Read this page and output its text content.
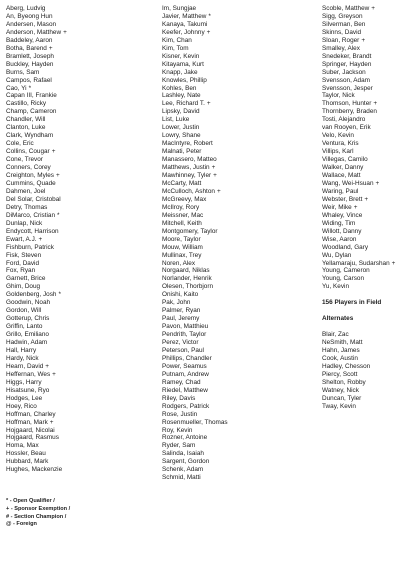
Aberg, Ludvig
An, Byeong Hun
Andersen, Mason
Anderson, Matthew +
Baddeley, Aaron
Botha, Barend +
Bramlett, Joseph
Buckley, Hayden
Burns, Sam
Campos, Rafael
Cao, Yi *
Capan III, Frankie
Castillo, Ricky
Champ, Cameron
Chandler, Will
Clanton, Luke
Clark, Wyndham
Cole, Eric
Collins, Cougar +
Cone, Trevor
Conners, Corey
Creighton, Myles +
Cummins, Quade
Dahmen, Joel
Del Solar, Cristobal
Detry, Thomas
DiMarco, Cristian *
Dunlap, Nick
Endycott, Harrison
Ewart, A.J. +
Fishburn, Patrick
Fisk, Steven
Ford, David
Fox, Ryan
Garnett, Brice
Ghim, Doug
Goldenberg, Josh *
Goodwin, Noah
Gordon, Will
Gotterup, Chris
Griffin, Lanto
Grillo, Emiliano
Hadwin, Adam
Hall, Harry
Hardy, Nick
Hearn, David +
Heffernan, Wes +
Higgs, Harry
Hisatsune, Ryo
Hodges, Lee
Hoey, Rico
Hoffman, Charley
Hoffman, Mark +
Hojgaard, Nicolai
Hojgaard, Rasmus
Homa, Max
Hossler, Beau
Hubbard, Mark
Hughes, Mackenzie
Im, Sungjae
Javier, Matthew *
Kanaya, Takumi
Keefer, Johnny +
Kim, Chan
Kim, Tom
Kisner, Kevin
Kitayama, Kurt
Knapp, Jake
Knowles, Phillip
Kohles, Ben
Lashley, Nate
Lee, Richard T. +
Lipsky, David
List, Luke
Lower, Justin
Lowry, Shane
MacIntyre, Robert
Malnati, Peter
Manassero, Matteo
Matthews, Justin +
Mawhinney, Tyler +
McCarty, Matt
McCulloch, Ashton +
McGreevy, Max
McIlroy, Rory
Meissner, Mac
Mitchell, Keith
Montgomery, Taylor
Moore, Taylor
Mouw, William
Mullinax, Trey
Noren, Alex
Norgaard, Niklas
Norlander, Henrik
Olesen, Thorbjorn
Onishi, Kaito
Pak, John
Palmer, Ryan
Paul, Jeremy
Pavon, Matthieu
Pendrith, Taylor
Perez, Victor
Peterson, Paul
Phillips, Chandler
Power, Seamus
Putnam, Andrew
Ramey, Chad
Riedel, Matthew
Riley, Davis
Rodgers, Patrick
Rose, Justin
Rosenmueller, Thomas
Roy, Kevin
Rozner, Antoine
Ryder, Sam
Salinda, Isaiah
Sargent, Gordon
Schenk, Adam
Schmid, Matti
Scoble, Matthew +
Sigg, Greyson
Silverman, Ben
Skinns, David
Sloan, Roger +
Smalley, Alex
Snedeker, Brandt
Springer, Hayden
Suber, Jackson
Svensson, Adam
Svensson, Jesper
Taylor, Nick
Thomson, Hunter +
Thornberry, Braden
Tosti, Alejandro
van Rooyen, Erik
Velo, Kevin
Ventura, Kris
Villips, Karl
Villegas, Camilo
Walker, Danny
Wallace, Matt
Wang, Wei-Hsuan +
Waring, Paul
Webster, Brett +
Weir, Mike +
Whaley, Vince
Widing, Tim
Willott, Danny
Wise, Aaron
Woodland, Gary
Wu, Dylan
Yellamaraju, Sudarshan +
Young, Cameron
Young, Carson
Yu, Kevin
156 Players in Field
Alternates
Blair, Zac
NeSmith, Matt
Hahn, James
Cook, Austin
Hadley, Chesson
Piercy, Scott
Shelton, Robby
Watney, Nick
Duncan, Tyler
Tway, Kevin
* - Open Qualifier /
+ - Sponsor Exemption /
# - Section Champion /
@ - Foreign
